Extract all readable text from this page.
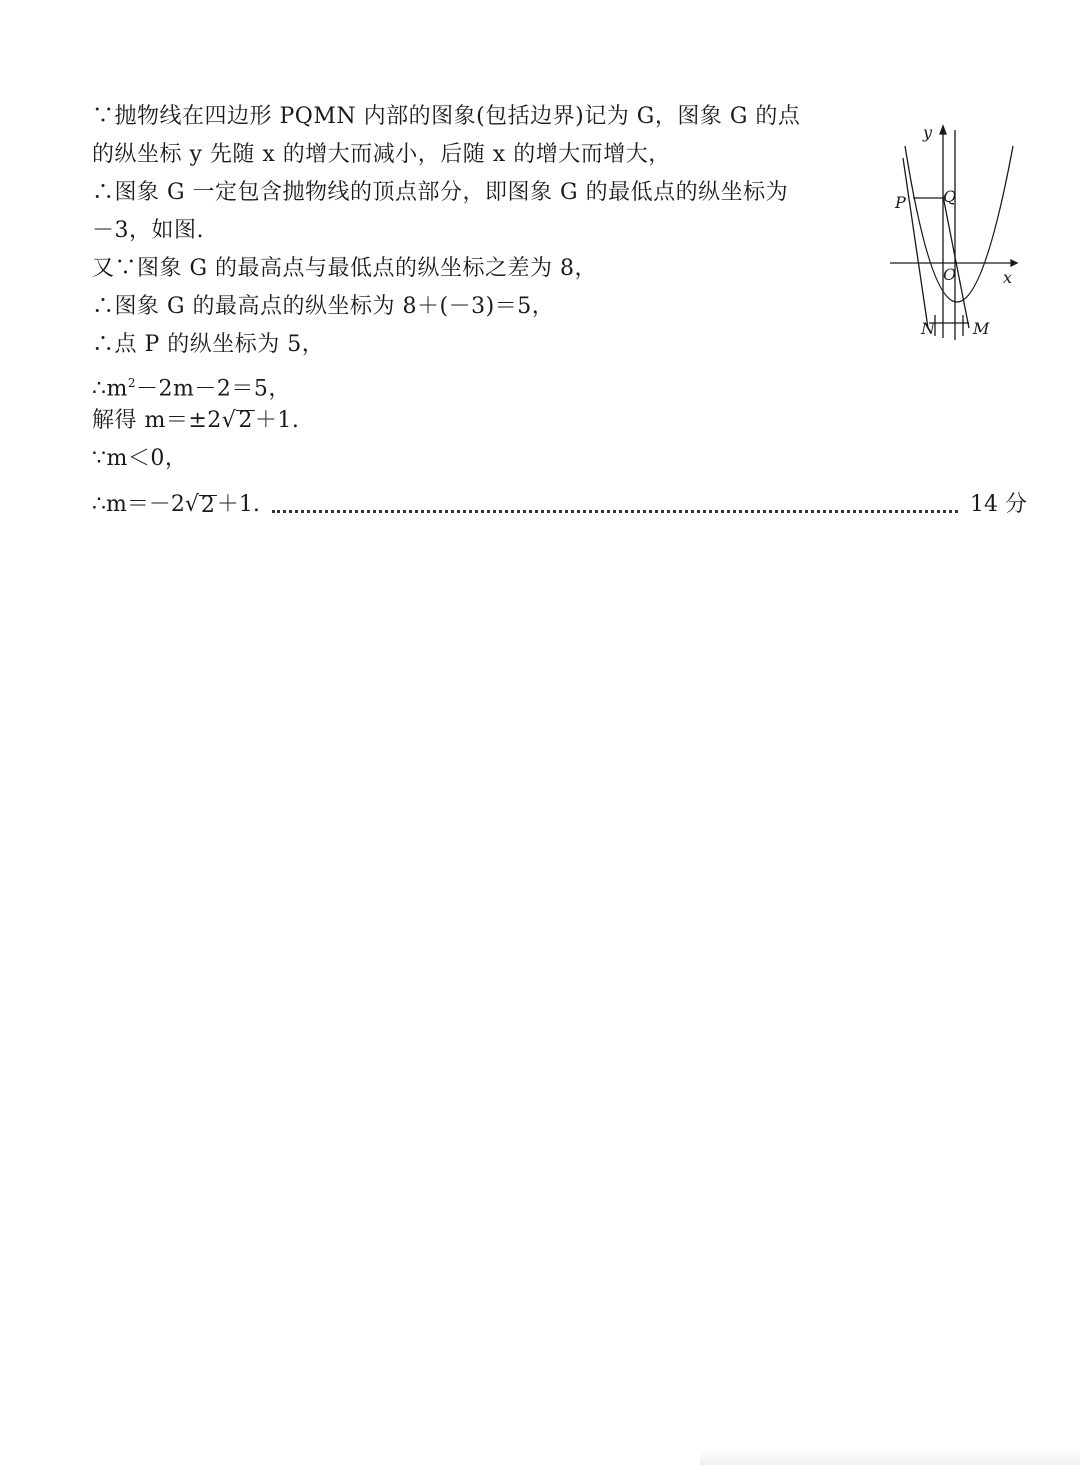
∵抛物线在四边形 PQMN 内部的图象(包括边界)记为 G，图象 G 的点
的纵坐标 y 先随 x 的增大而减小，后随 x 的增大而增大，
∴图象 G 一定包含抛物线的顶点部分，即图象 G 的最低点的纵坐标为
－3，如图.
又∵图象 G 的最高点与最低点的纵坐标之差为 8，
∴图象 G 的最高点的纵坐标为 8＋(－3)＝5，
∴点 P 的纵坐标为 5，
$\therefore m^2-2m-2=5$，
解得 m＝±2√2＋1.
∵m＜0，
∴m＝－2 √ 2 ＋1.	14 分
y
x
P Q
O
N M
